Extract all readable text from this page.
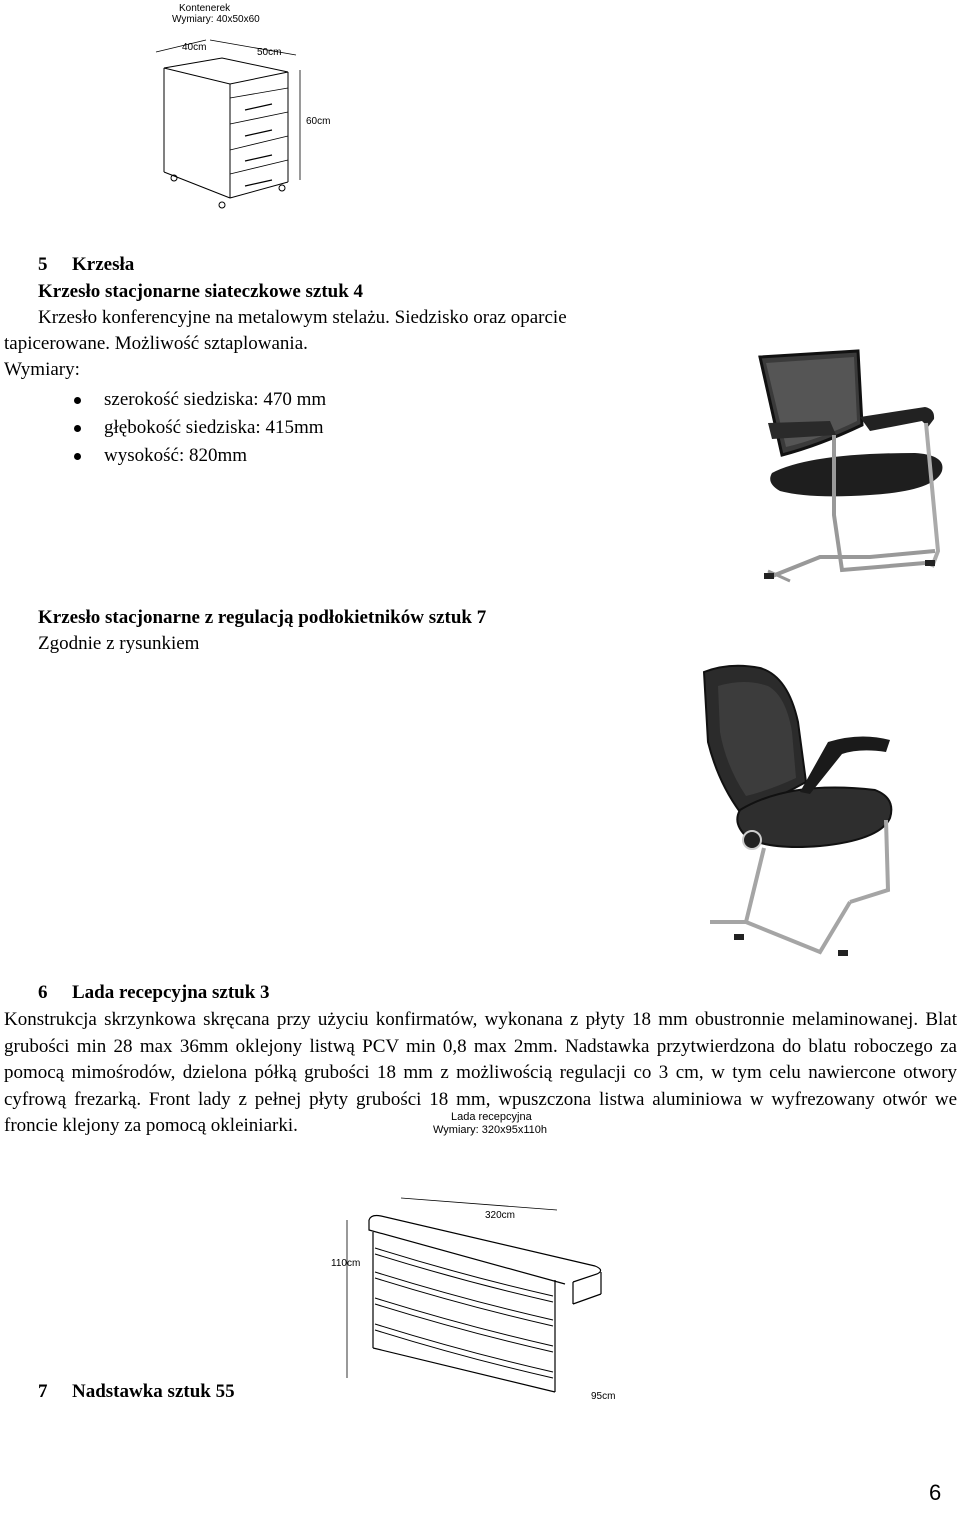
Kontenerek
Wymiary: 40x50x60
40cm	50cm
60cm
5 Krzesła
Krzesło stacjonarne siateczkowe sztuk 4
Krzesło konferencyjne na metalowym stelażu. Siedzisko oraz oparcie
tapicerowane. Możliwość sztaplowania.
Wymiary:
szerokość siedziska: 470 mm
głębokość siedziska: 415mm
wysokość: 820mm
Krzesło stacjonarne z regulacją podłokietników sztuk 7
Zgodnie z rysunkiem
6 Lada recepcyjna sztuk 3
Konstrukcja skrzynkowa skręcana przy użyciu konfirmatów, wykonana z płyty 18 mm obustronnie melaminowanej. Blat grubości min 28 max 36mm oklejony listwą PCV min 0,8 max 2mm. Nadstawka przytwierdzona do blatu roboczego za pomocą mimośrodów, dzielona półką grubości 18 mm z możliwością regulacji co 3 cm, w tym celu nawiercone otwory cyfrową frezarką. Front lady z pełnej płyty grubości 18 mm, wpuszczona listwa aluminiowa w wyfrezowany otwór we froncie klejony za pomocą okleiniarki.	Lada recepcyjna
Wymiary: 320x95x110h
320cm
110cm
95cm
7 Nadstawka sztuk 55
6
